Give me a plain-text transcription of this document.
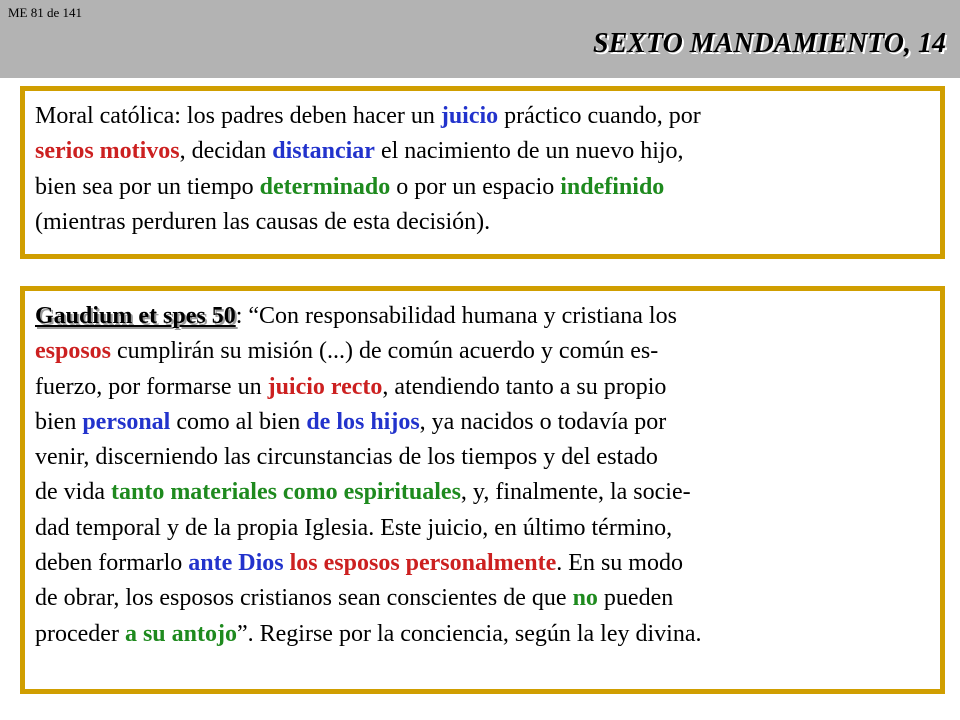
ME 81 de 141
SEXTO MANDAMIENTO, 14
Moral católica: los padres deben hacer un juicio práctico cuando, por
serios motivos, decidan distanciar el nacimiento de un nuevo hijo,
bien sea por un tiempo determinado o por un espacio indefinido
(mientras perduren las causas de esta decisión).
Gaudium et spes 50: “Con responsabilidad humana y cristiana los
esposos cumplirán su misión (...) de común acuerdo y común es-
fuerzo, por formarse un juicio recto, atendiendo tanto a su propio
bien personal como al bien de los hijos, ya nacidos o todavía por
venir, discerniendo las circunstancias de los tiempos y del estado
de vida tanto materiales como espirituales, y, finalmente, la socie-
dad temporal y de la propia Iglesia. Este juicio, en último término,
deben formarlo ante Dios los esposos personalmente. En su modo
de obrar, los esposos cristianos sean conscientes de que no pueden
proceder a su antojo”. Regirse por la conciencia, según la ley divina.
